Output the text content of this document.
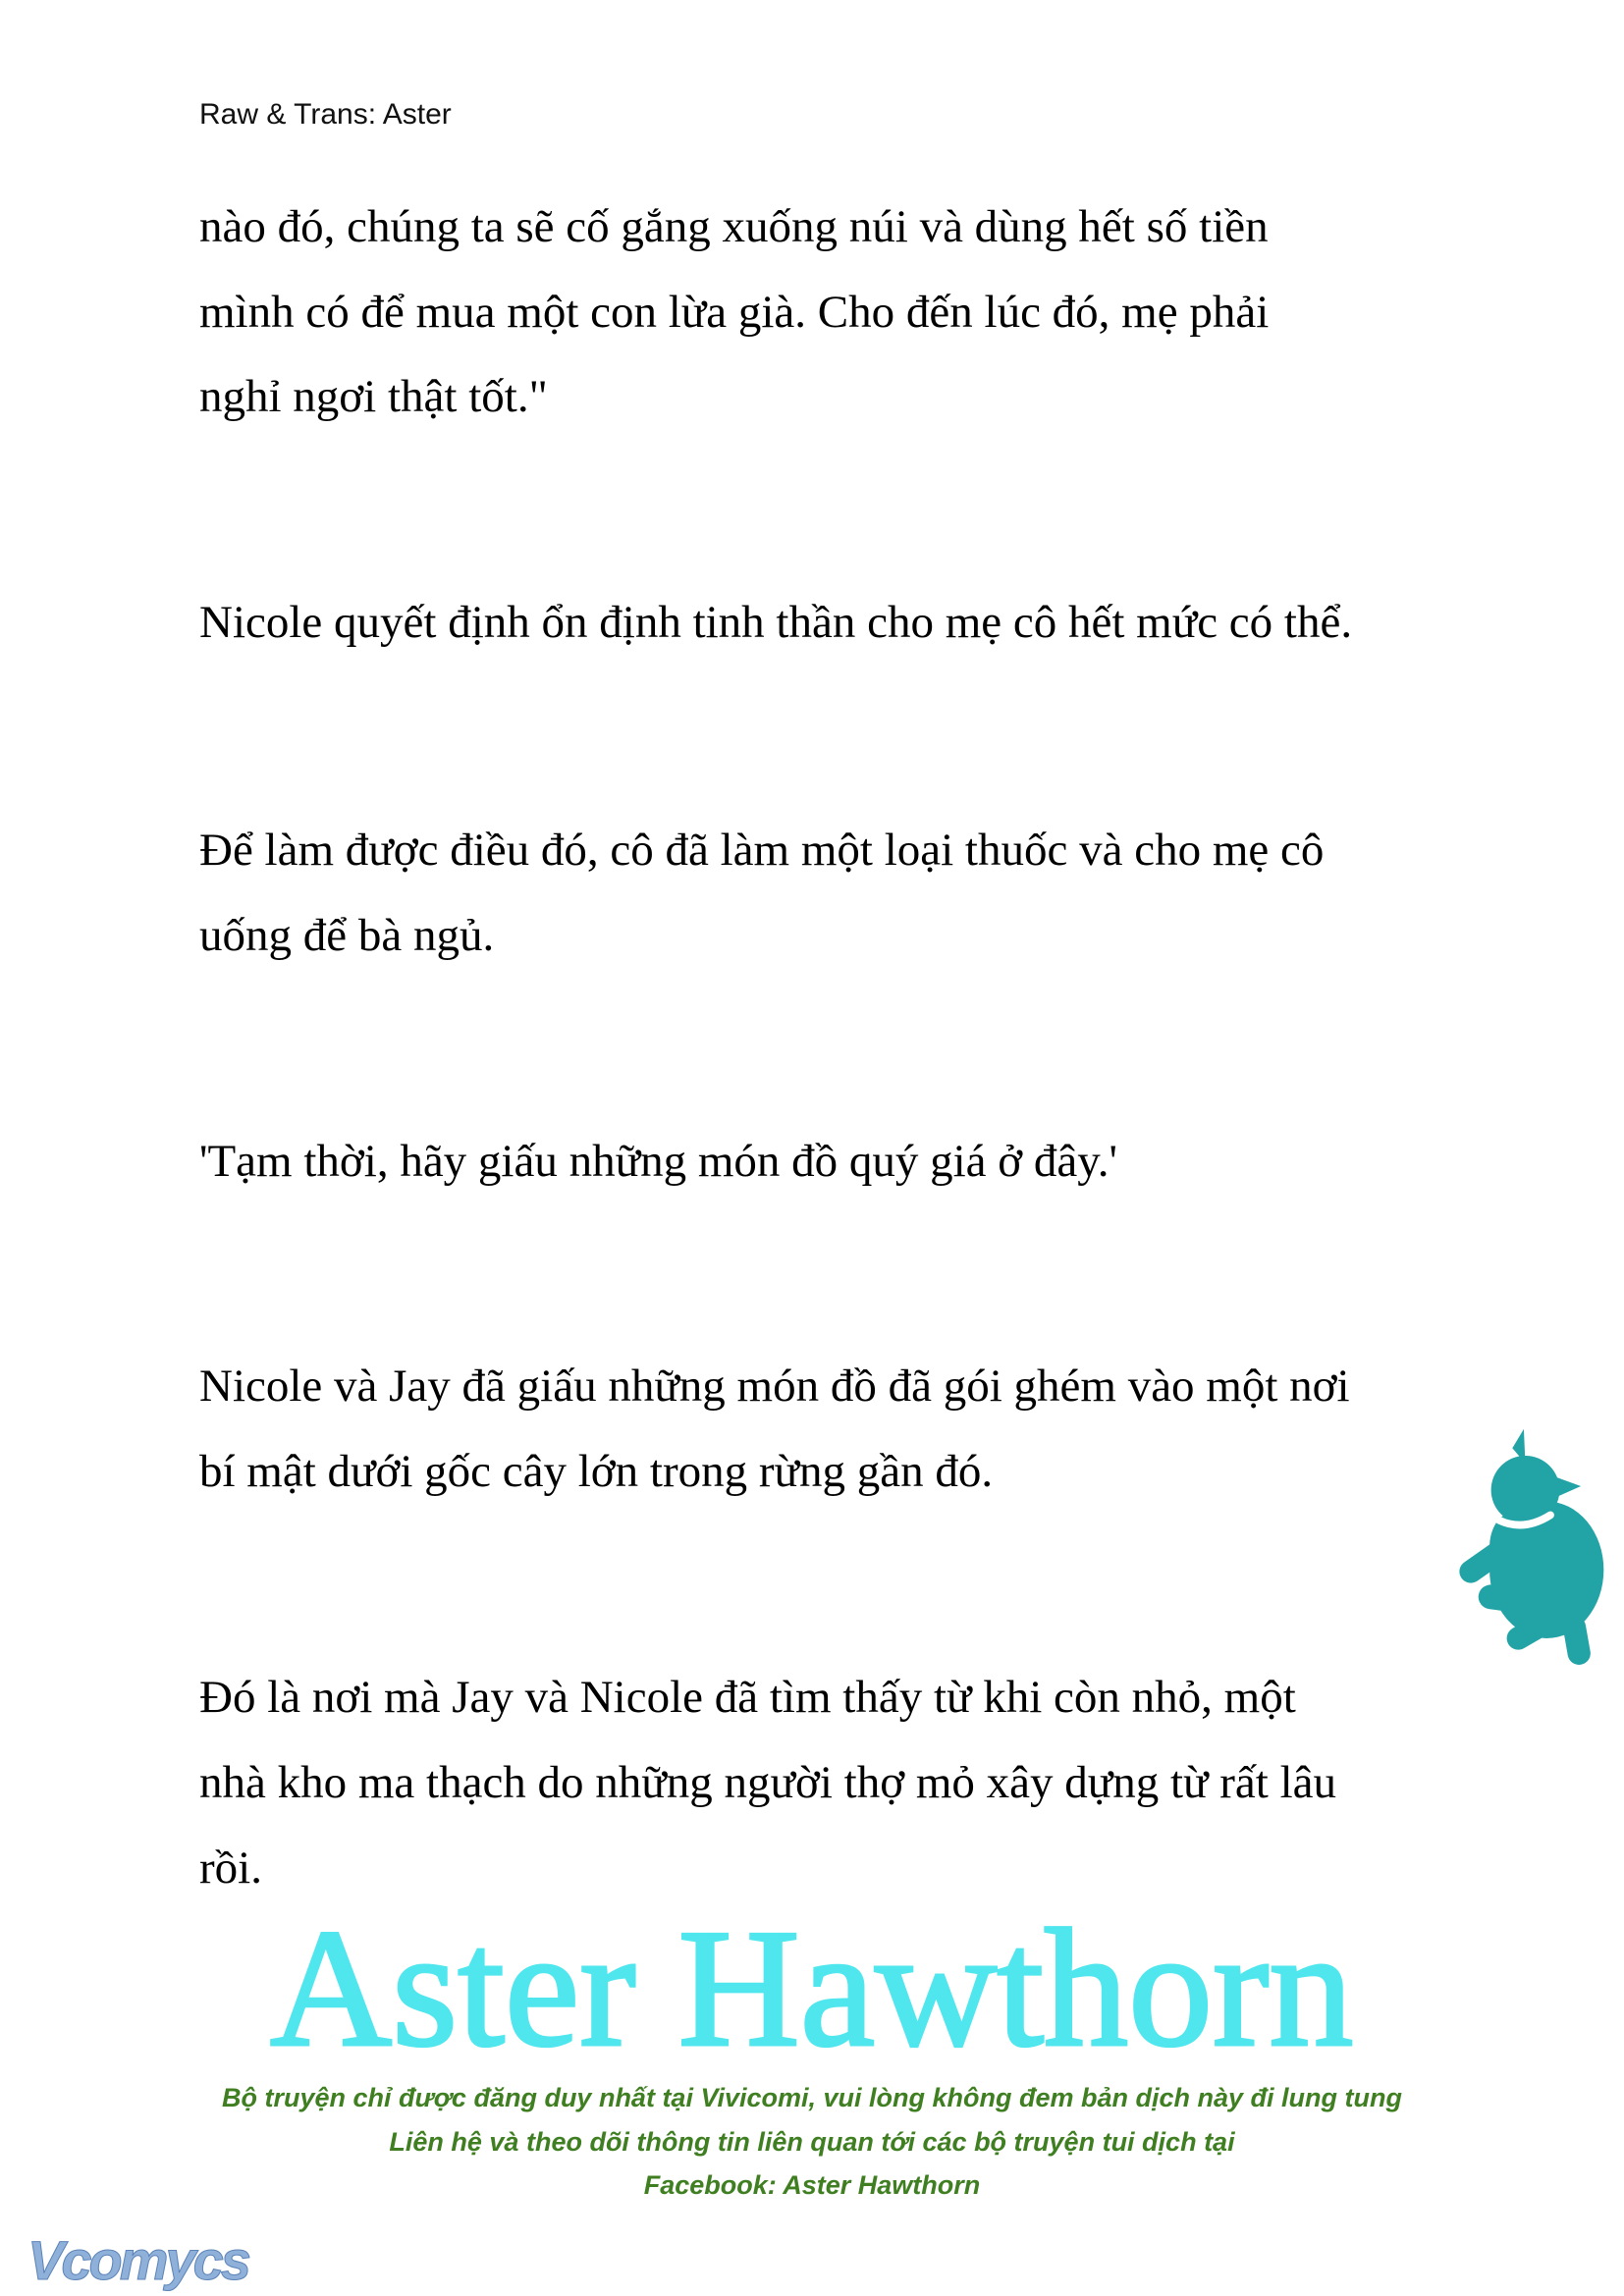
Raw & Trans: Aster
nào đó, chúng ta sẽ cố gắng xuống núi và dùng hết số tiền
mình có để mua một con lừa già. Cho đến lúc đó, mẹ phải
nghỉ ngơi thật tốt."
Nicole quyết định ổn định tinh thần cho mẹ cô hết mức có thể.
Để làm được điều đó, cô đã làm một loại thuốc và cho mẹ cô
uống để bà ngủ.
'Tạm thời, hãy giấu những món đồ quý giá ở đây.'
Nicole và Jay đã giấu những món đồ đã gói ghém vào một nơi
bí mật dưới gốc cây lớn trong rừng gần đó.
Đó là nơi mà Jay và Nicole đã tìm thấy từ khi còn nhỏ, một
nhà kho ma thạch do những người thợ mỏ xây dựng từ rất lâu
rồi.
Aster Hawthorn
Bộ truyện chỉ được đăng duy nhất tại Vivicomi, vui lòng không đem bản dịch này đi lung tung
Liên hệ và theo dõi thông tin liên quan tới các bộ truyện tui dịch tại
Facebook: Aster Hawthorn
Vcomycs
